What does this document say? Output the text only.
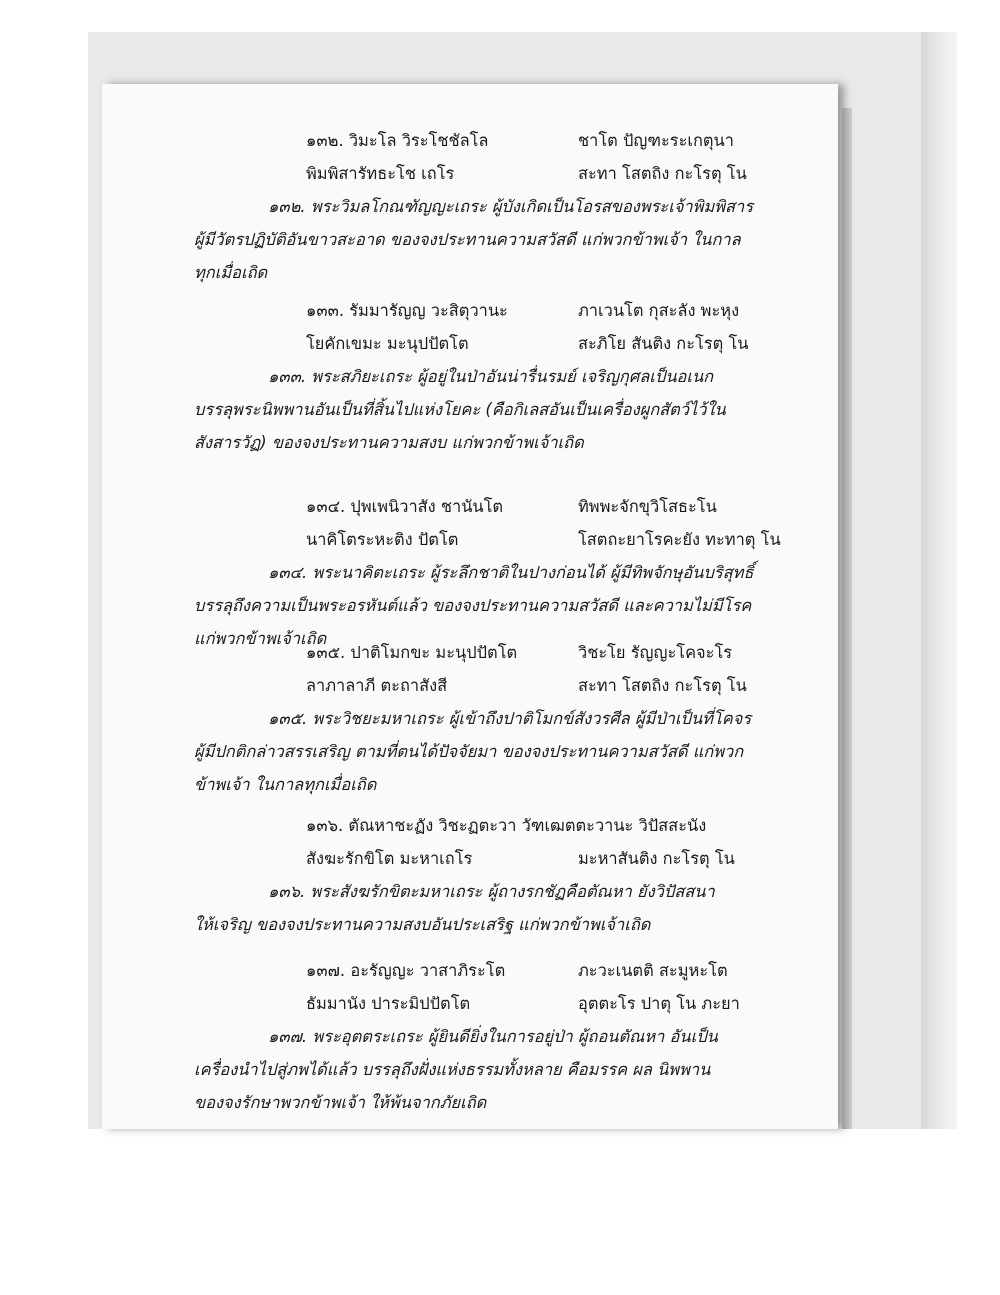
๑๓๒. วิมะโล วิระโชชัลโล	ชาโต ปัญฑะระเกตุนา
พิมพิสารัทธะโช เถโร	สะทา โสตถิง กะโรตุ โน
๑๓๒. พระวิมลโกณฑัญญะเถระ ผู้บังเกิดเป็นโอรสของพระเจ้าพิมพิสาร
ผู้มีวัตรปฏิบัติอันขาวสะอาด ของจงประทานความสวัสดี แก่พวกข้าพเจ้า ในกาล
ทุกเมื่อเถิด
๑๓๓. รัมมารัญญ วะสิตุวานะ	ภาเวนโต กุสะลัง พะหุง
โยคักเขมะ มะนุปปัตโต	สะภิโย สันติง กะโรตุ โน
๑๓๓. พระสภิยะเถระ ผู้อยู่ในป่าอันน่ารื่นรมย์ เจริญกุศลเป็นอเนก
บรรลุพระนิพพานอันเป็นที่สิ้นไปแห่งโยคะ (คือกิเลสอันเป็นเครื่องผูกสัตว์ไว้ใน
สังสารวัฏ) ของจงประทานความสงบ แก่พวกข้าพเจ้าเถิด
๑๓๔. ปุพเพนิวาสัง ชานันโต	ทิพพะจักขุวิโสธะโน
นาคิโตระหะติง ปัตโต	โสตถะยาโรคะยัง ทะทาตุ โน
๑๓๔. พระนาคิตะเถระ ผู้ระลึกชาติในปางก่อนได้ ผู้มีทิพจักษุอันบริสุทธิ์
บรรลุถึงความเป็นพระอรหันต์แล้ว ของจงประทานความสวัสดี และความไม่มีโรค
แก่พวกข้าพเจ้าเถิด
๑๓๕. ปาติโมกขะ มะนุปปัตโต	วิชะโย รัญญะโคจะโร
ลาภาลาภี ตะถาสังสี	สะทา โสตถิง กะโรตุ โน
๑๓๕. พระวิชยะมหาเถระ ผู้เข้าถึงปาติโมกข์สังวรศีล ผู้มีป่าเป็นที่โคจร
ผู้มีปกติกล่าวสรรเสริญ ตามที่ตนได้ปัจจัยมา ของจงประทานความสวัสดี แก่พวก
ข้าพเจ้า ในกาลทุกเมื่อเถิด
๑๓๖. ตัณหาชะฏัง วิชะฏตะวา วัฑเฒตตะวานะ วิปัสสะนัง
สังฆะรักขิโต มะหาเถโร	มะหาสันติง กะโรตุ โน
๑๓๖. พระสังฆรักขิตะมหาเถระ ผู้ถางรกชัฏคือตัณหา ยังวิปัสสนา
ให้เจริญ ของจงประทานความสงบอันประเสริฐ แก่พวกข้าพเจ้าเถิด
๑๓๗. อะรัญญะ วาสาภิระโต	ภะวะเนตติ สะมูหะโต
ธัมมานัง ปาระมิปปัตโต	อุตตะโร ปาตุ โน ภะยา
๑๓๗. พระอุตตระเถระ ผู้ยินดียิ่งในการอยู่ป่า ผู้ถอนตัณหา อันเป็น
เครื่องนำไปสู่ภพได้แล้ว บรรลุถึงฝั่งแห่งธรรมทั้งหลาย คือมรรค ผล นิพพาน
ของจงรักษาพวกข้าพเจ้า ให้พ้นจากภัยเถิด
